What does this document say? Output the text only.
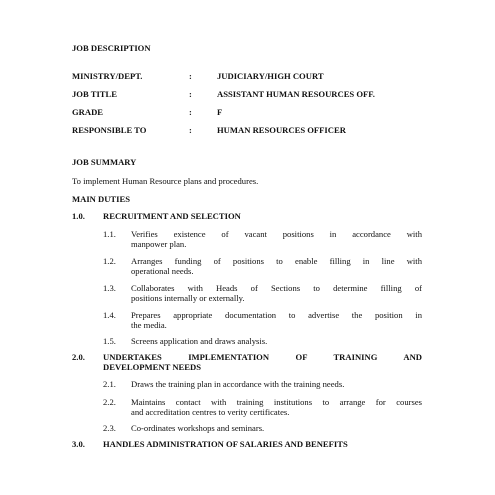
JOB DESCRIPTION
MINISTRY/DEPT.	:	JUDICIARY/HIGH COURT
JOB TITLE	:	ASSISTANT HUMAN RESOURCES OFF.
GRADE	:	F
RESPONSIBLE TO	:	HUMAN RESOURCES OFFICER
JOB SUMMARY
To implement Human Resource plans and procedures.
MAIN DUTIES
1.0. RECRUITMENT AND SELECTION
1.1. Verifies existence of vacant positions in accordance with
manpower plan.
1.2. Arranges funding of positions to enable filling in line with
operational needs.
1.3. Collaborates with Heads of Sections to determine filling of
positions internally or externally.
1.4. Prepares appropriate documentation to advertise the position in
the media.
1.5. Screens application and draws analysis.
2.0. UNDERTAKES IMPLEMENTATION OF TRAINING AND
DEVELOPMENT NEEDS
2.1. Draws the training plan in accordance with the training needs.
2.2. Maintains contact with training institutions to arrange for courses
and accreditation centres to verity certificates.
2.3. Co-ordinates workshops and seminars.
3.0. HANDLES ADMINISTRATION OF SALARIES AND BENEFITS
